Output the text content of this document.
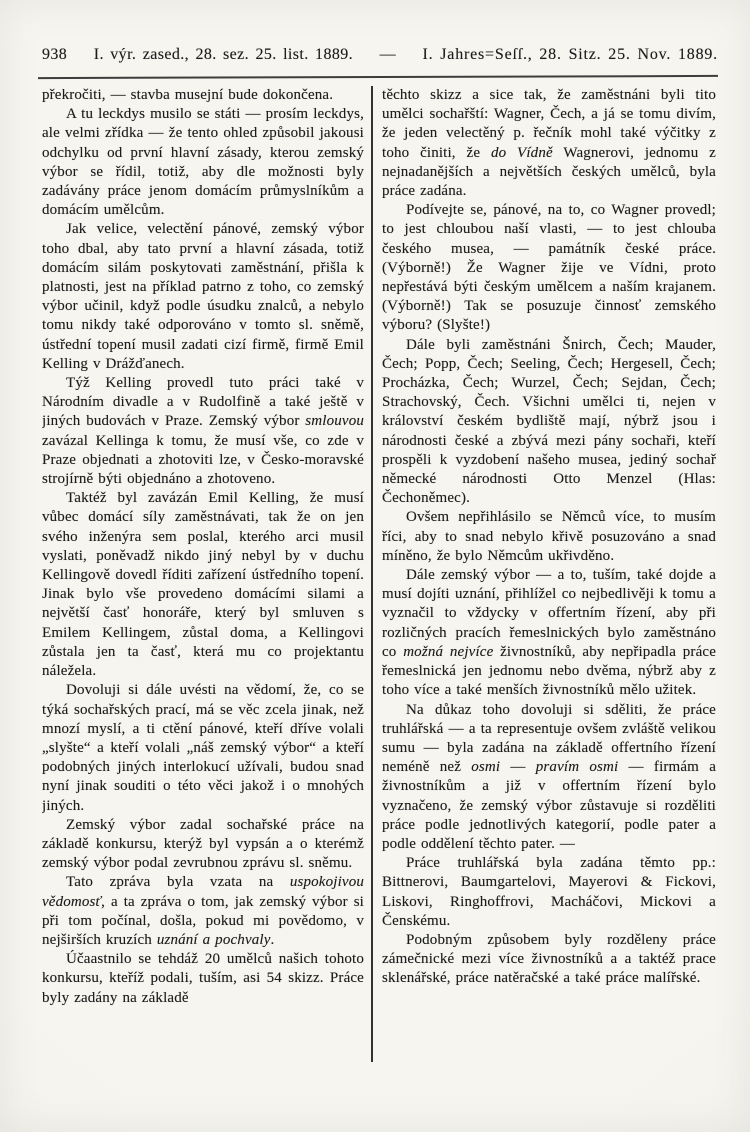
938 I. výr. zased., 28. sez. 25. list. 1889. — I. Jahres=Seſſ., 28. Sitz. 25. Nov. 1889.

překročiti, — stavba musejní bude dokončena.

A tu leckdys musilo se státi — prosím leckdys, ale velmi zřídka — že tento ohled způsobil jakousi odchylku od první hlavní zásady, kterou zemský výbor se řídil, totiž, aby dle možnosti byly zadávány práce jenom domácím průmyslníkům a domácím umělcům.

Jak velice, velectění pánové, zemský výbor toho dbal, aby tato první a hlavní zásada, totiž domácím silám poskytovati zaměstnání, přišla k platnosti, jest na příklad patrno z toho, co zemský výbor učinil, když podle úsudku znalců, a nebylo tomu nikdy také odporováno v tomto sl. sněmě, ústřední topení musil zadati cizí firmě, firmě Emil Kelling v Drážďanech.

Týž Kelling provedl tuto práci také v Národním divadle a v Rudolfině a také ještě v jiných budovách v Praze. Zemský výbor smlouvou zavázal Kellinga k tomu, že musí vše, co zde v Praze objednati a zhotoviti lze, v Česko-moravské strojírně býti objednáno a zhotoveno.

Taktéž byl zavázán Emil Kelling, že musí vůbec domácí síly zaměstnávati, tak že on jen svého inženýra sem poslal, kterého arci musil vyslati, poněvadž nikdo jiný nebyl by v duchu Kellingově dovedl říditi zařízení ústředního topení. Jinak bylo vše provedeno domácími silami a největší časť honoráře, který byl smluven s Emilem Kellingem, zůstal doma, a Kellingovi zůstala jen ta časť, která mu co projektantu náležela.

Dovoluji si dále uvésti na vědomí, že, co se týká sochařských prací, má se věc zcela jinak, než mnozí myslí, a ti ctění pánové, kteří dříve volali „slyšte“ a kteří volali „náš zemský výbor“ a kteří podobných jiných interlokucí užívali, budou snad nyní jinak souditi o této věci jakož i o mnohých jiných.

Zemský výbor zadal sochařské práce na základě konkursu, kterýž byl vypsán a o kterémž zemský výbor podal zevrubnou zprávu sl. sněmu.

Tato zpráva byla vzata na uspokojivou vědomosť, a ta zpráva o tom, jak zemský výbor si při tom počínal, došla, pokud mi povědomo, v nejširších kruzích uznání a pochvaly.

Účaastnilo se tehdáž 20 umělců našich tohoto konkursu, kteříž podali, tuším, asi 54 skizz. Práce byly zadány na základě

těchto skizz a sice tak, že zaměstnáni byli tito umělci sochařští: Wagner, Čech, a já se tomu divím, že jeden velectěný p. řečník mohl také výčitky z toho činiti, že do Vídně Wagnerovi, jednomu z nejnadanějších a největších českých umělců, byla práce zadána.

Podívejte se, pánové, na to, co Wagner provedl; to jest chloubou naší vlasti, — to jest chlouba českého musea, — památník české práce. (Výborně!) Že Wagner žije ve Vídni, proto nepřestává býti českým umělcem a naším krajanem. (Výborně!) Tak se posuzuje činnosť zemského výboru? (Slyšte!)

Dále byli zaměstnáni Šnirch, Čech; Mauder, Čech; Popp, Čech; Seeling, Čech; Hergesell, Čech; Procházka, Čech; Wurzel, Čech; Sejdan, Čech; Strachovský, Čech. Všichni umělci ti, nejen v království českém bydliště mají, nýbrž jsou i národnosti české a zbývá mezi pány sochaři, kteří prospěli k vyzdobení našeho musea, jediný sochař německé národnosti Otto Menzel (Hlas: Čechoněmec).

Ovšem nepřihlásilo se Němců více, to musím říci, aby to snad nebylo křivě posuzováno a snad míněno, že bylo Němcům ukřivděno.

Dále zemský výbor — a to, tuším, také dojde a musí dojíti uznání, přihlížel co nejbedlivěji k tomu a vyznačil to vždycky v offertním řízení, aby při rozličných pracích řemeslnických bylo zaměstnáno co možná nejvíce živnostníků, aby nepřipadla práce řemeslnická jen jednomu nebo dvěma, nýbrž aby z toho více a také menších živnostníků mělo užitek.

Na důkaz toho dovoluji si sděliti, že práce truhlářská — a ta representuje ovšem zvláště velikou sumu — byla zadána na základě offertního řízení neméně než osmi — pravím osmi — firmám a živnostníkům a již v offertním řízení bylo vyznačeno, že zemský výbor zůstavuje si rozděliti práce podle jednotlivých kategorií, podle pater a podle oddělení těchto pater. —

Práce truhlářská byla zadána těmto pp.: Bittnerovi, Baumgartelovi, Mayerovi & Fickovi, Liskovi, Ringhoffrovi, Macháčovi, Mickovi a Čenskému.

Podobným způsobem byly rozděleny práce zámečnické mezi více živnostníků a a taktéž prace sklenářské, práce natěračské a také práce malířské.
